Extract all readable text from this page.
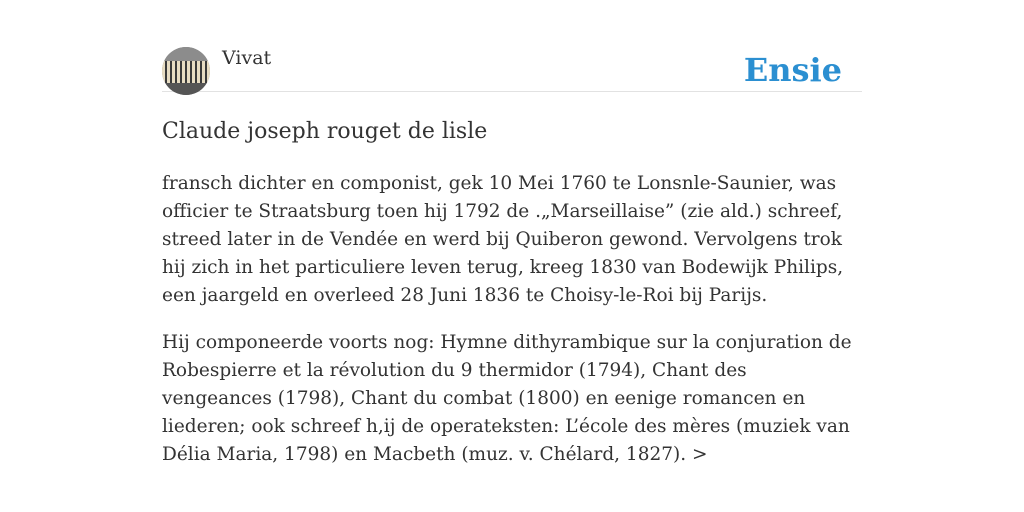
Vivat	Ensie
Claude joseph rouget de lisle

fransch dichter en componist, gek 10 Mei 1760 te Lonsnle-Saunier, was officier te Straatsburg toen hij 1792 de .„Marseillaise” (zie ald.) schreef, streed later in de Vendée en werd bij Quiberon gewond. Vervolgens trok hij zich in het particuliere leven terug, kreeg 1830 van Bodewijk Philips, een jaargeld en overleed 28 Juni 1836 te Choisy-le-Roi bij Parijs.

Hij componeerde voorts nog: Hymne dithyrambique sur la conjuration de Robespierre et la révolution du 9 thermidor (1794), Chant des vengeances (1798), Chant du combat (1800) en eenige romancen en liederen; ook schreef h,ij de operateksten: L’école des mères (muziek van Délia Maria, 1798) en Macbeth (muz. v. Chélard, 1827). >
